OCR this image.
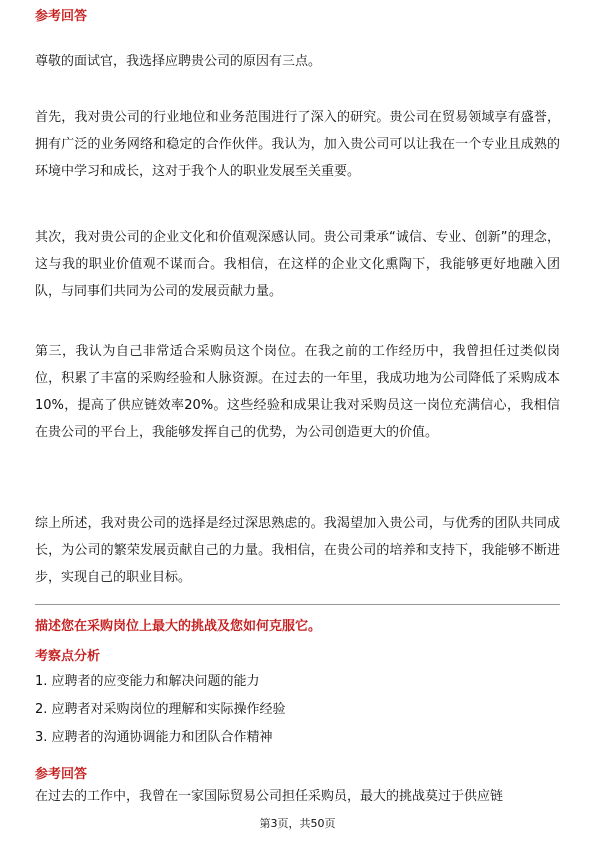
参考回答

尊敬的面试官，我选择应聘贵公司的原因有三点。

首先，我对贵公司的行业地位和业务范围进行了深入的研究。贵公司在贸易领域享有盛誉，拥有广泛的业务网络和稳定的合作伙伴。我认为，加入贵公司可以让我在一个专业且成熟的环境中学习和成长，这对于我个人的职业发展至关重要。

其次，我对贵公司的企业文化和价值观深感认同。贵公司秉承“诚信、专业、创新”的理念，这与我的职业价值观不谋而合。我相信，在这样的企业文化熏陶下，我能够更好地融入团队，与同事们共同为公司的发展贡献力量。

第三，我认为自己非常适合采购员这个岗位。在我之前的工作经历中，我曾担任过类似岗位，积累了丰富的采购经验和人脉资源。在过去的一年里，我成功地为公司降低了采购成本10%，提高了供应链效率20%。这些经验和成果让我对采购员这一岗位充满信心，我相信在贵公司的平台上，我能够发挥自己的优势，为公司创造更大的价值。

综上所述，我对贵公司的选择是经过深思熟虑的。我渴望加入贵公司，与优秀的团队共同成长，为公司的繁荣发展贡献自己的力量。我相信，在贵公司的培养和支持下，我能够不断进步，实现自己的职业目标。

描述您在采购岗位上最大的挑战及您如何克服它。

考察点分析

1. 应聘者的应变能力和解决问题的能力
2. 应聘者对采购岗位的理解和实际操作经验
3. 应聘者的沟通协调能力和团队合作精神

参考回答

在过去的工作中，我曾在一家国际贸易公司担任采购员，最大的挑战莫过于供应链

第3页，共50页
